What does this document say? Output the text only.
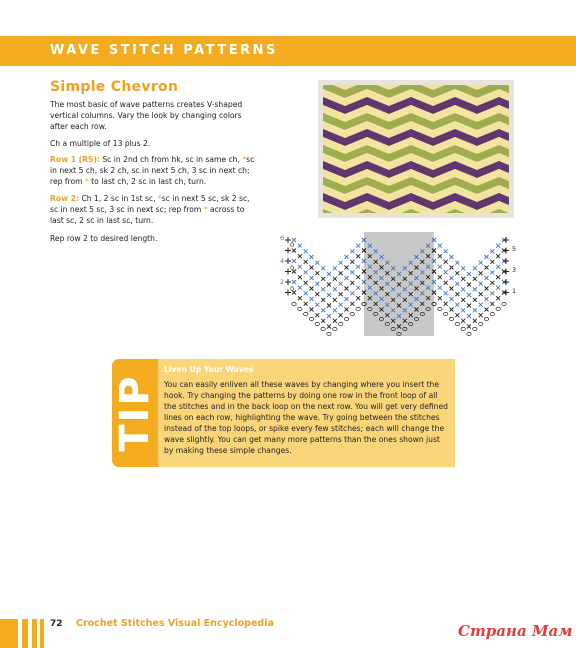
WAVE STITCH PATTERNS
Simple Chevron

The most basic of wave patterns creates V-shaped vertical columns. Vary the look by changing colors after each row.

Ch a multiple of 13 plus 2.

Row 1 (RS): Sc in 2nd ch from hk, sc in same ch, *sc in next 5 ch, sk 2 ch, sc in next 5 ch, 3 sc in next ch; rep from * to last ch, 2 sc in last ch, turn.

Row 2: Ch 1, 2 sc in 1st sc, *sc in next 5 sc, sk 2 sc, sc in next 5 sc, 3 sc in next sc; rep from * across to last sc, 2 sc in last sc, turn.

Rep row 2 to desired length.	6
0
4
0
2
0
5
3
1
TIP

Liven Up Your Waves

You can easily enliven all these waves by changing where you insert the hook. Try changing the patterns by doing one row in the front loop of all the stitches and in the back loop on the next row. You will get very defined lines on each row, highlighting the wave. Try going between the stitches instead of the top loops, or spike every few stitches; each will change the wave slightly. You can get many more patterns than the ones shown just by making these simple changes.

72 Crochet Stitches Visual Encyclopedia	Страна Мам
